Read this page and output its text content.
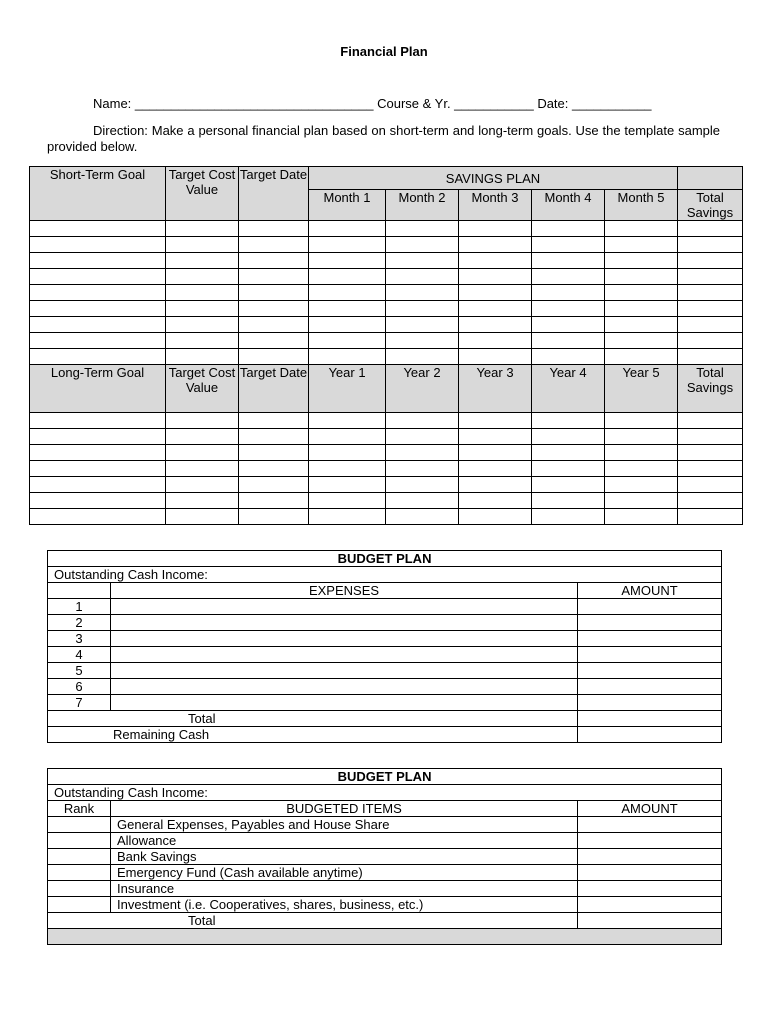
Financial Plan
Name: _________________________________ Course & Yr. ___________ Date: ___________
Direction: Make a personal financial plan based on short-term and long-term goals. Use the template sample provided below.
Short-Term Goal	Target Cost Value	Target Date	SAVINGS PLAN					
			Month 1	Month 2	Month 3	Month 4	Month 5	Total Savings

Long-Term Goal	Target Cost Value	Target Date	Year 1	Year 2	Year 3	Year 4	Year 5	Total Savings

BUDGET PLAN		
Outstanding Cash Income:		
	EXPENSES	AMOUNT
1		
2		
3		
4		
5		
6		
7		
Total		
Remaining Cash		
BUDGET PLAN		
Outstanding Cash Income:		
Rank	BUDGETED ITEMS	AMOUNT
	General Expenses, Payables and House Share	
	Allowance	
	Bank Savings	
	Emergency Fund (Cash available anytime)	
	Insurance	
	Investment (i.e. Cooperatives, shares, business, etc.)	
Total		
